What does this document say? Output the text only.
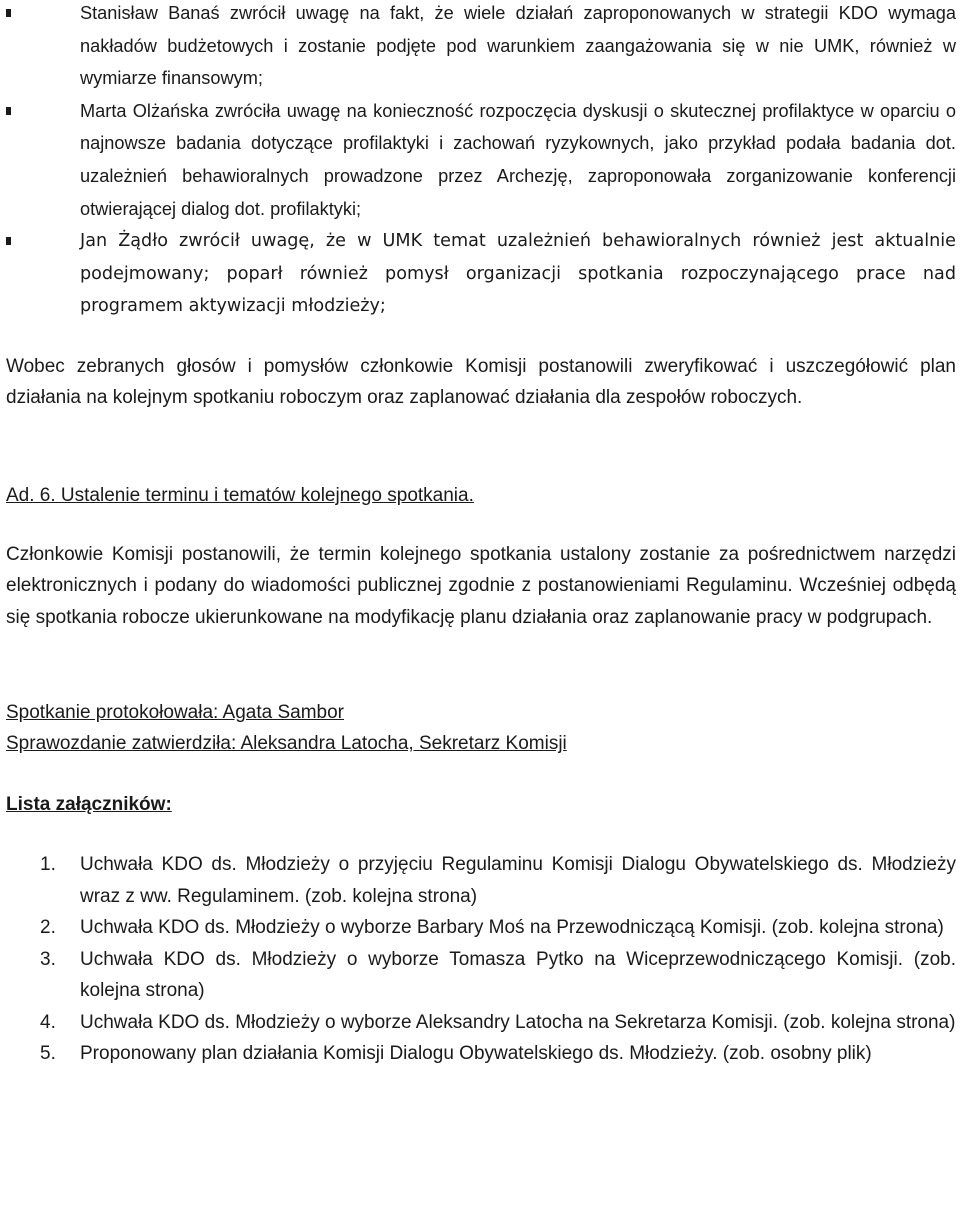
Stanisław Banaś zwrócił uwagę na fakt, że wiele działań zaproponowanych w strategii KDO wymaga nakładów budżetowych i zostanie podjęte pod warunkiem zaangażowania się w nie UMK, również w wymiarze finansowym;
Marta Olżańska zwróciła uwagę na konieczność rozpoczęcia dyskusji o skutecznej profilaktyce w oparciu o najnowsze badania dotyczące profilaktyki i zachowań ryzykownych, jako przykład podała badania dot. uzależnień behawioralnych prowadzone przez Archezję, zaproponowała zorganizowanie konferencji otwierającej dialog dot. profilaktyki;
Jan Żądło zwrócił uwagę, że w UMK temat uzależnień behawioralnych również jest aktualnie podejmowany; poparł również pomysł organizacji spotkania rozpoczynającego prace nad programem aktywizacji młodzieży;

Wobec zebranych głosów i pomysłów członkowie Komisji postanowili zweryfikować i uszczegółowić plan działania na kolejnym spotkaniu roboczym oraz zaplanować działania dla zespołów roboczych.

Ad. 6. Ustalenie terminu i tematów kolejnego spotkania.

Członkowie Komisji postanowili, że termin kolejnego spotkania ustalony zostanie za pośrednictwem narzędzi elektronicznych i podany do wiadomości publicznej zgodnie z postanowieniami Regulaminu. Wcześniej odbędą się spotkania robocze ukierunkowane na modyfikację planu działania oraz zaplanowanie pracy w podgrupach.

Spotkanie protokołowała: Agata Sambor

Sprawozdanie zatwierdziła: Aleksandra Latocha, Sekretarz Komisji

Lista załączników:

1. Uchwała KDO ds. Młodzieży o przyjęciu Regulaminu Komisji Dialogu Obywatelskiego ds. Młodzieży wraz z ww. Regulaminem. (zob. kolejna strona)
2. Uchwała KDO ds. Młodzieży o wyborze Barbary Moś na Przewodniczącą Komisji. (zob. kolejna strona)
3. Uchwała KDO ds. Młodzieży o wyborze Tomasza Pytko na Wiceprzewodniczącego Komisji. (zob. kolejna strona)
4. Uchwała KDO ds. Młodzieży o wyborze Aleksandry Latocha na Sekretarza Komisji. (zob. kolejna strona)
5. Proponowany plan działania Komisji Dialogu Obywatelskiego ds. Młodzieży. (zob. osobny plik)
